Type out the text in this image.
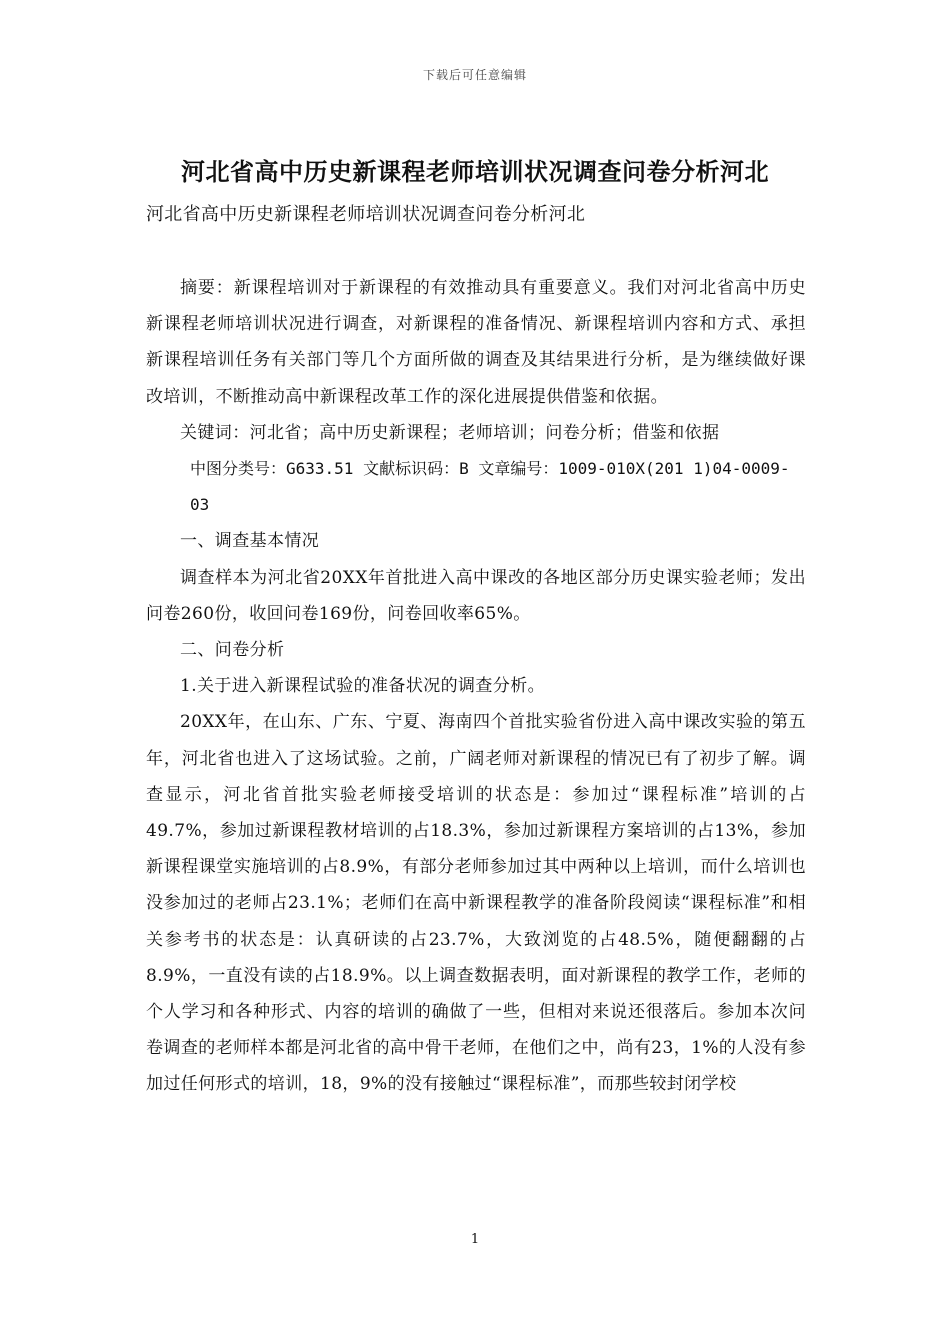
下载后可任意编辑
河北省高中历史新课程老师培训状况调查问卷分析河北
河北省高中历史新课程老师培训状况调查问卷分析河北

摘要：新课程培训对于新课程的有效推动具有重要意义。我们对河北省高中历史新课程老师培训状况进行调查，对新课程的准备情况、新课程培训内容和方式、承担新课程培训任务有关部门等几个方面所做的调查及其结果进行分析，是为继续做好课改培训，不断推动高中新课程改革工作的深化进展提供借鉴和依据。

关键词：河北省；高中历史新课程；老师培训；问卷分析；借鉴和依据

中图分类号：G633.51 文献标识码：B 文章编号：1009-010X(201 1)04-0009-03

一、调查基本情况

调查样本为河北省20XX年首批进入高中课改的各地区部分历史课实验老师；发出问卷260份，收回问卷169份，问卷回收率65%。

二、问卷分析

1.关于进入新课程试验的准备状况的调查分析。

20XX年，在山东、广东、宁夏、海南四个首批实验省份进入高中课改实验的第五年，河北省也进入了这场试验。之前，广阔老师对新课程的情况已有了初步了解。调查显示，河北省首批实验老师接受培训的状态是：参加过“课程标准”培训的占49.7%，参加过新课程教材培训的占18.3%，参加过新课程方案培训的占13%，参加新课程课堂实施培训的占8.9%，有部分老师参加过其中两种以上培训，而什么培训也没参加过的老师占23.1%；老师们在高中新课程教学的准备阶段阅读“课程标准”和相关参考书的状态是：认真研读的占23.7%，大致浏览的占48.5%，随便翻翻的占8.9%，一直没有读的占18.9%。以上调查数据表明，面对新课程的教学工作，老师的个人学习和各种形式、内容的培训的确做了一些，但相对来说还很落后。参加本次问卷调查的老师样本都是河北省的高中骨干老师，在他们之中，尚有23，1%的人没有参加过任何形式的培训，18，9%的没有接触过“课程标准”，而那些较封闭学校

1
